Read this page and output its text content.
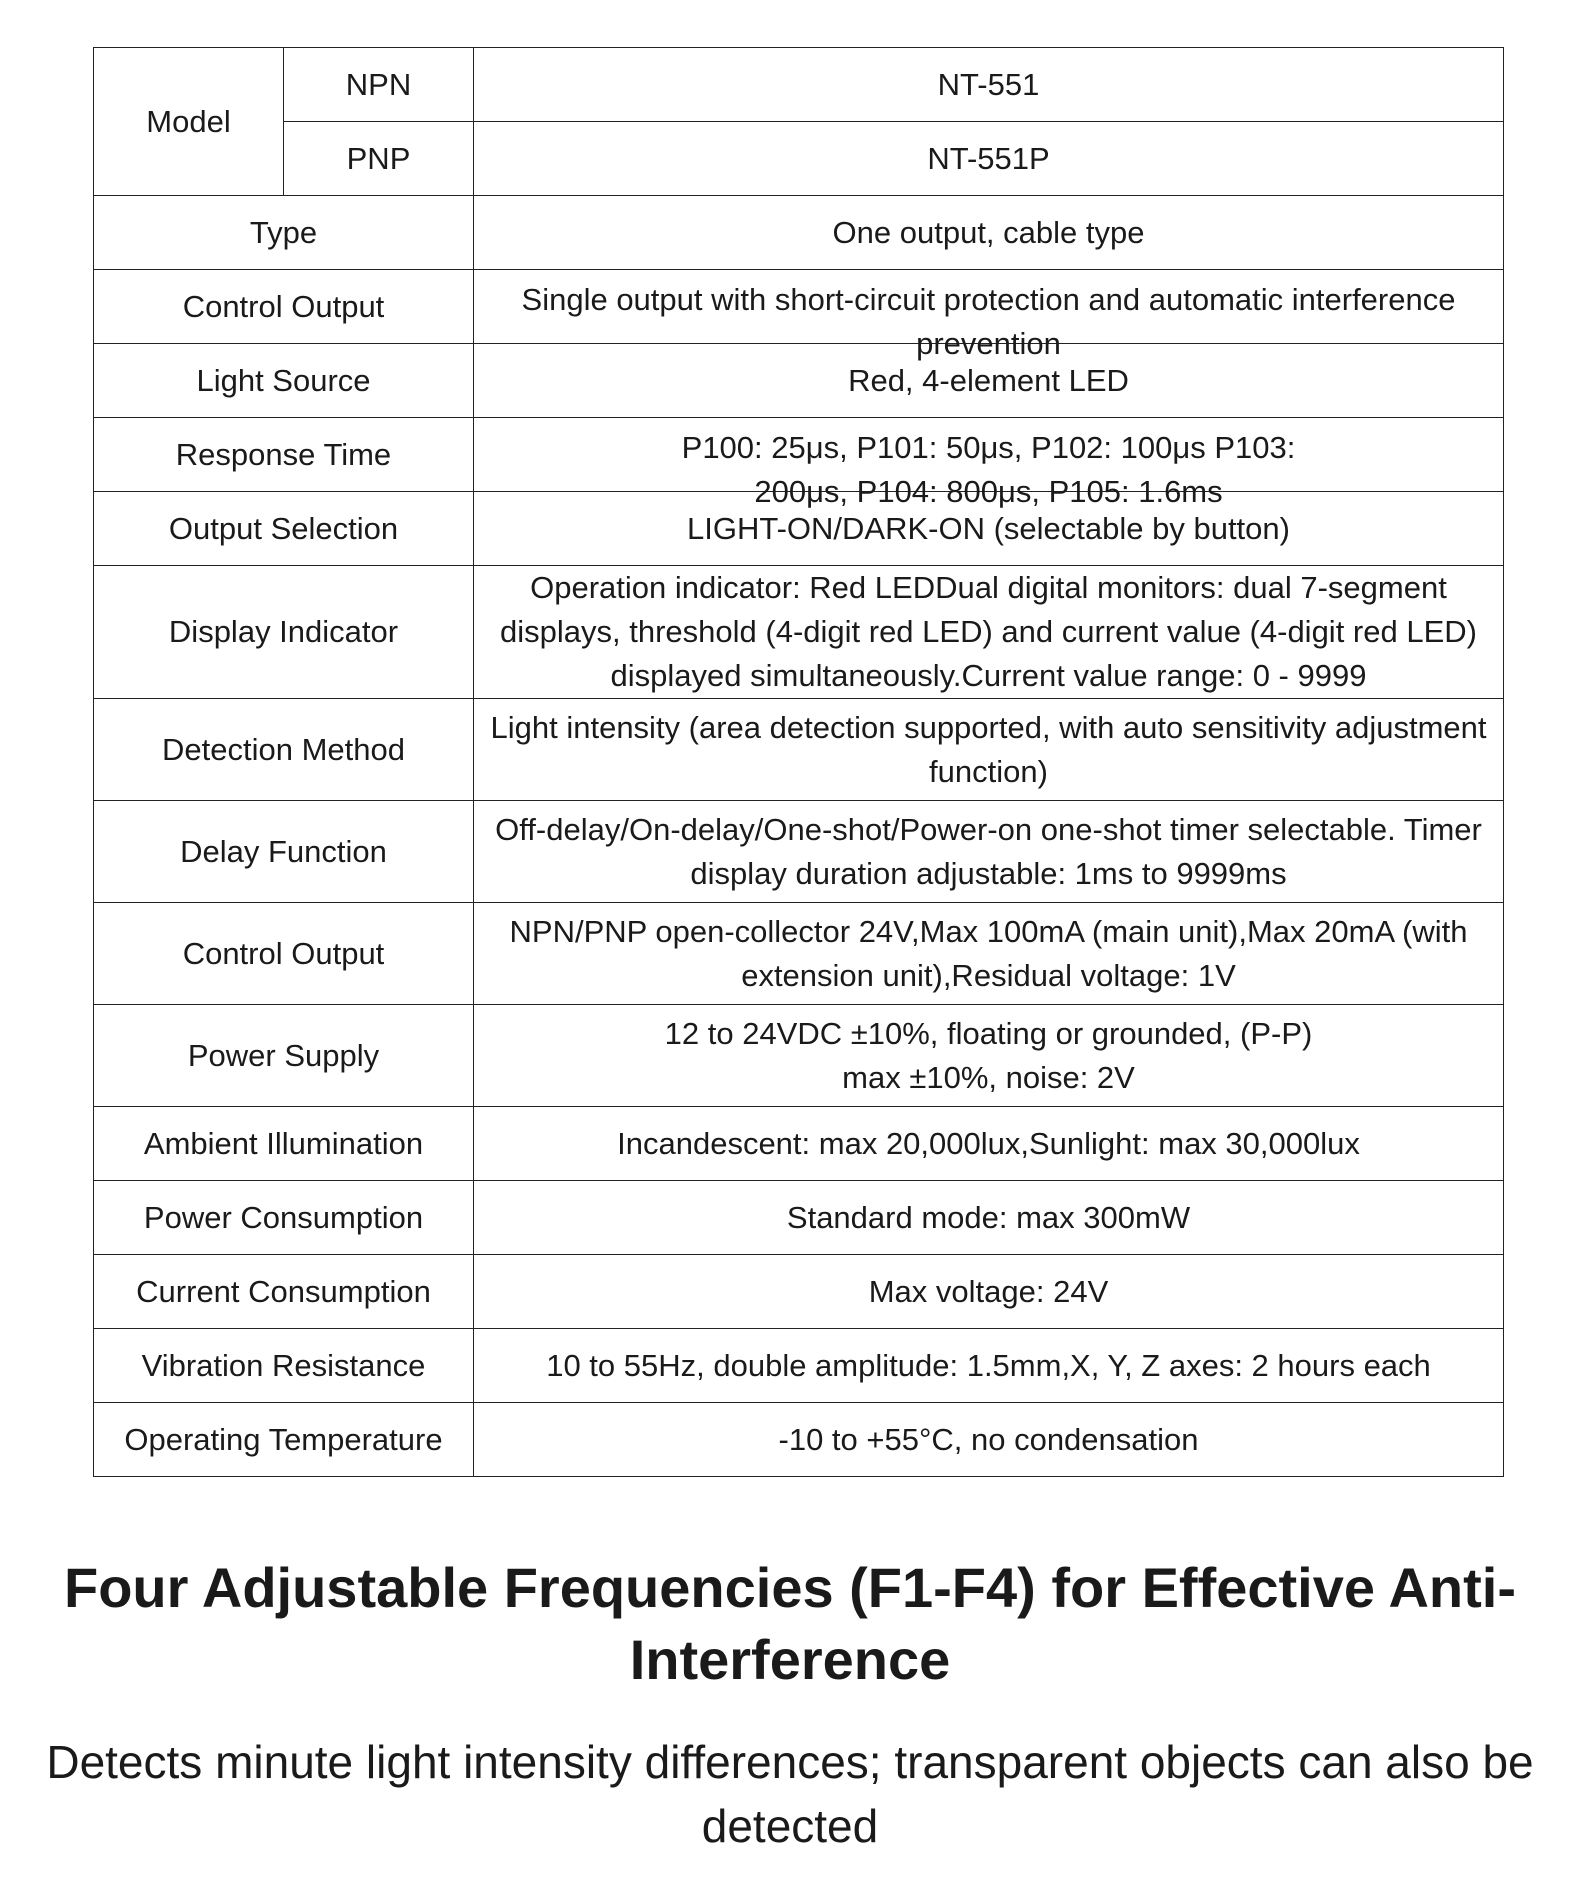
Model	NPN	NT-551
	PNP	NT-551P
Type		One output, cable type
Control Output		Single output with short-circuit protection and automatic interference prevention

Light Source		Red, 4-element LED
Response Time		P100: 25μs, P101: 50μs, P102: 100μs P103: 200μs, P104: 800μs, P105: 1.6ms

Output Selection		LIGHT-ON/DARK-ON (selectable by button)
Display Indicator		Operation indicator: Red LEDDual digital monitors: dual 7-segment displays, threshold (4-digit red LED) and current value (4-digit red LED) displayed simultaneously.Current value range: 0 - 9999
Detection Method		Light intensity (area detection supported, with auto sensitivity adjustment function)
Delay Function		Off-delay/On-delay/One-shot/Power-on one-shot timer selectable. Timer display duration adjustable: 1ms to 9999ms
Control Output		NPN/PNP open-collector 24V,Max 100mA (main unit),Max 20mA (with extension unit),Residual voltage: 1V
Power Supply		12 to 24VDC ±10%, floating or grounded, (P-P) max ±10%, noise: 2V
Ambient Illumination		Incandescent: max 20,000lux,Sunlight: max 30,000lux
Power Consumption		Standard mode: max 300mW
Current Consumption		Max voltage: 24V
Vibration Resistance		10 to 55Hz, double amplitude: 1.5mm,X, Y, Z axes: 2 hours each
Operating Temperature		-10 to +55°C, no condensation
Four Adjustable Frequencies (F1-F4) for Effective Anti-Interference
Detects minute light intensity differences; transparent objects can also be detected
